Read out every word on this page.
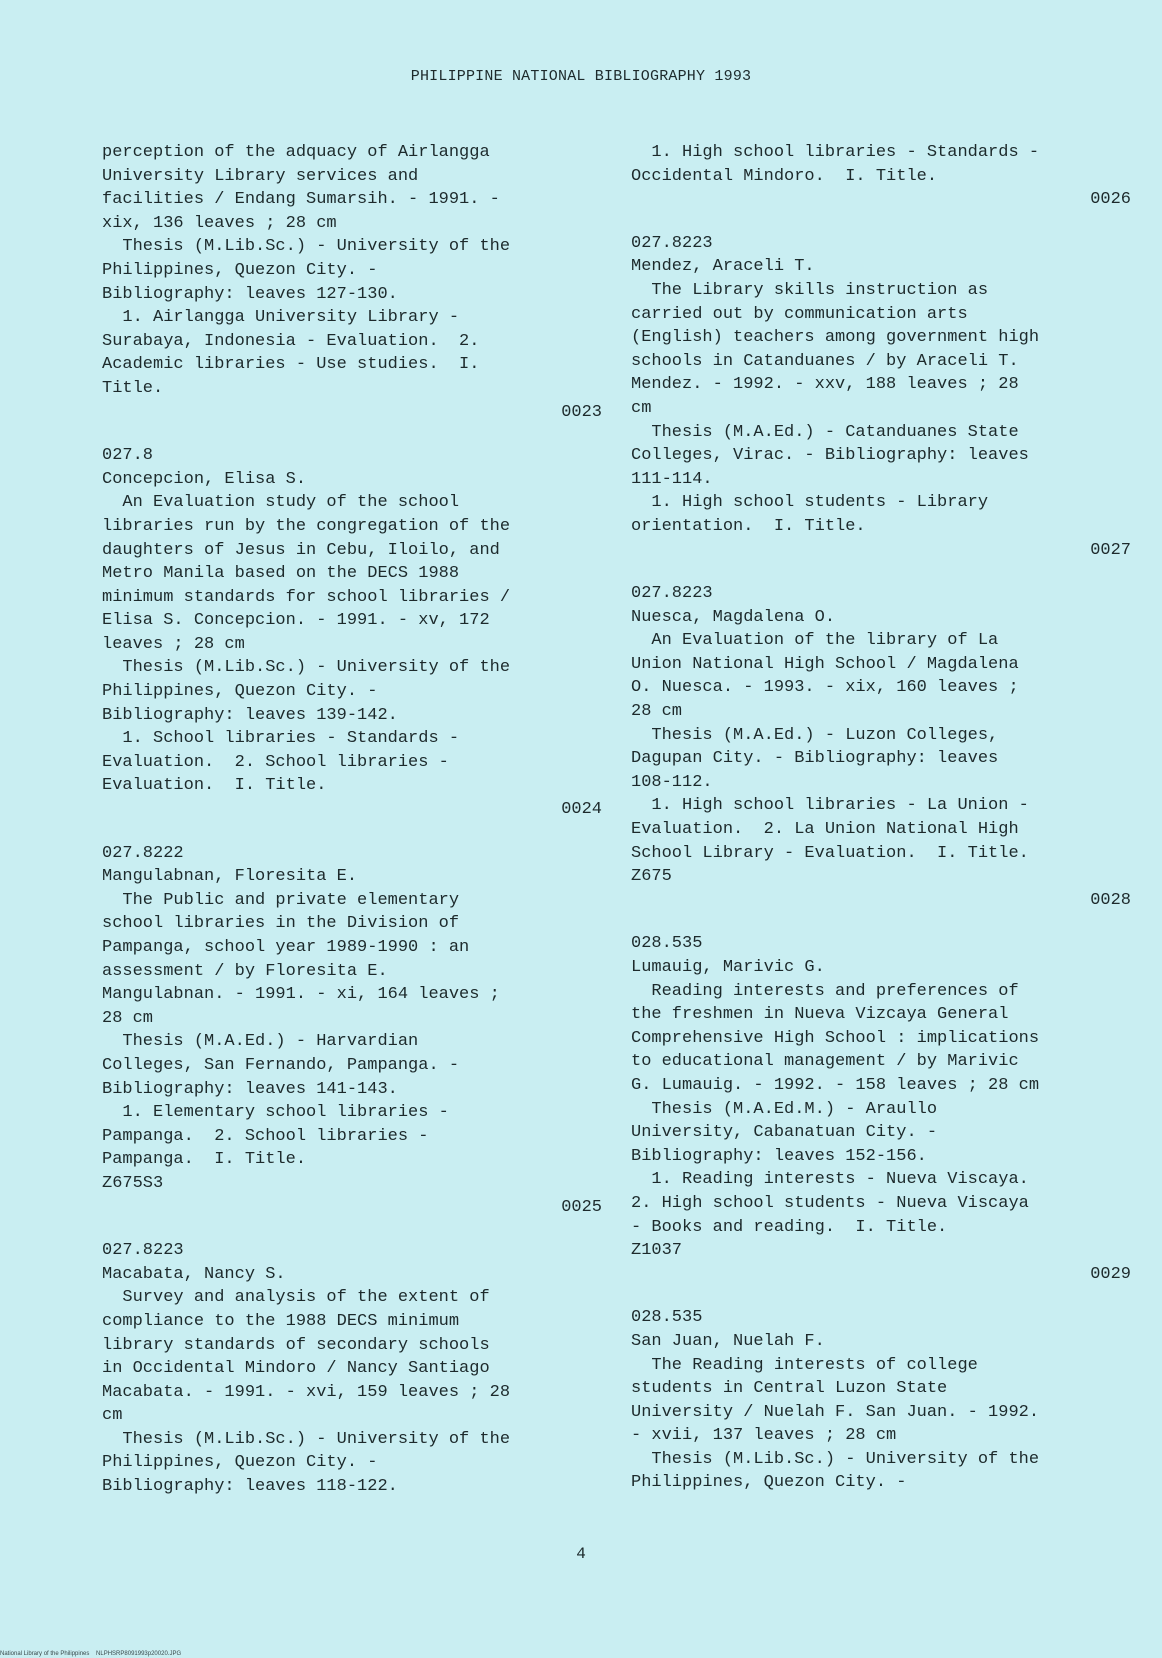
PHILIPPINE NATIONAL BIBLIOGRAPHY 1993
perception of the adquacy of Airlangga
University Library services and
facilities / Endang Sumarsih. - 1991. -
xix, 136 leaves ; 28 cm
Thesis (M.Lib.Sc.) - University of the
Philippines, Quezon City. -
Bibliography: leaves 127-130.
1. Airlangga University Library -
Surabaya, Indonesia - Evaluation.  2.
Academic libraries - Use studies.  I.
Title.
0023
027.8
Concepcion, Elisa S.
An Evaluation study of the school
libraries run by the congregation of the
daughters of Jesus in Cebu, Iloilo, and
Metro Manila based on the DECS 1988
minimum standards for school libraries /
Elisa S. Concepcion. - 1991. - xv, 172
leaves ; 28 cm
Thesis (M.Lib.Sc.) - University of the
Philippines, Quezon City. -
Bibliography: leaves 139-142.
1. School libraries - Standards -
Evaluation.  2. School libraries -
Evaluation.  I. Title.
0024
027.8222
Mangulabnan, Floresita E.
The Public and private elementary
school libraries in the Division of
Pampanga, school year 1989-1990 : an
assessment / by Floresita E.
Mangulabnan. - 1991. - xi, 164 leaves ;
28 cm
Thesis (M.A.Ed.) - Harvardian
Colleges, San Fernando, Pampanga. -
Bibliography: leaves 141-143.
1. Elementary school libraries -
Pampanga.  2. School libraries -
Pampanga.  I. Title.
Z675S3
0025
027.8223
Macabata, Nancy S.
Survey and analysis of the extent of
compliance to the 1988 DECS minimum
library standards of secondary schools
in Occidental Mindoro / Nancy Santiago
Macabata. - 1991. - xvi, 159 leaves ; 28
cm
Thesis (M.Lib.Sc.) - University of the
Philippines, Quezon City. -
Bibliography: leaves 118-122.
1. High school libraries - Standards -
Occidental Mindoro.  I. Title.
0026
027.8223
Mendez, Araceli T.
The Library skills instruction as
carried out by communication arts
(English) teachers among government high
schools in Catanduanes / by Araceli T.
Mendez. - 1992. - xxv, 188 leaves ; 28
cm
Thesis (M.A.Ed.) - Catanduanes State
Colleges, Virac. - Bibliography: leaves
111-114.
1. High school students - Library
orientation.  I. Title.
0027
027.8223
Nuesca, Magdalena O.
An Evaluation of the library of La
Union National High School / Magdalena
O. Nuesca. - 1993. - xix, 160 leaves ;
28 cm
Thesis (M.A.Ed.) - Luzon Colleges,
Dagupan City. - Bibliography: leaves
108-112.
1. High school libraries - La Union -
Evaluation.  2. La Union National High
School Library - Evaluation.  I. Title.
Z675
0028
028.535
Lumauig, Marivic G.
Reading interests and preferences of
the freshmen in Nueva Vizcaya General
Comprehensive High School : implications
to educational management / by Marivic
G. Lumauig. - 1992. - 158 leaves ; 28 cm
Thesis (M.A.Ed.M.) - Araullo
University, Cabanatuan City. -
Bibliography: leaves 152-156.
1. Reading interests - Nueva Viscaya.
2. High school students - Nueva Viscaya
- Books and reading.  I. Title.
Z1037
0029
028.535
San Juan, Nuelah F.
The Reading interests of college
students in Central Luzon State
University / Nuelah F. San Juan. - 1992.
- xvii, 137 leaves ; 28 cm
Thesis (M.Lib.Sc.) - University of the
Philippines, Quezon City. -
4
National Library of the Philippines    NLPHSRP8091993p20020.JPG
